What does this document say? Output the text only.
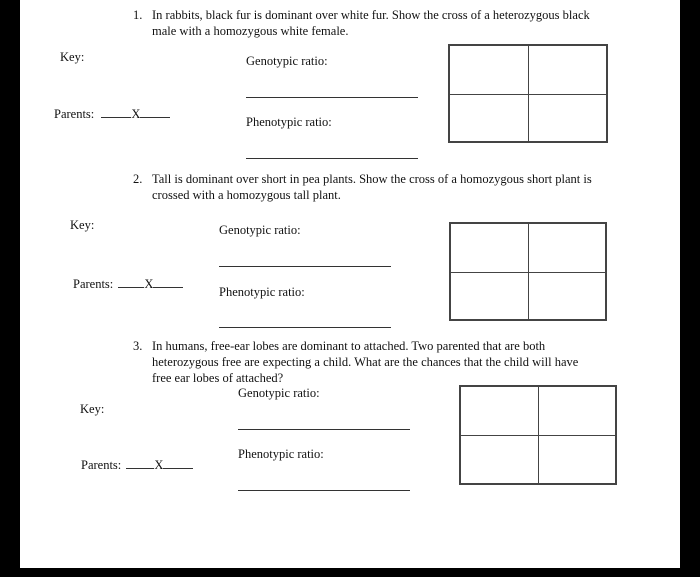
1. In rabbits, black fur is dominant over white fur. Show the cross of a heterozygous black male with a homozygous white female.
Key:	Genotypic ratio:
Parents:	X
Phenotypic ratio:
2. Tall is dominant over short in pea plants. Show the cross of a homozygous short plant is crossed with a homozygous tall plant.
Key:	Genotypic ratio:
Parents: X
Phenotypic ratio:
3. In humans, free-ear lobes are dominant to attached. Two parented that are both heterozygous free are expecting a child. What are the chances that the child will have free ear lobes of attached?
Genotypic ratio:
Key:
Phenotypic ratio:
Parents:	X
